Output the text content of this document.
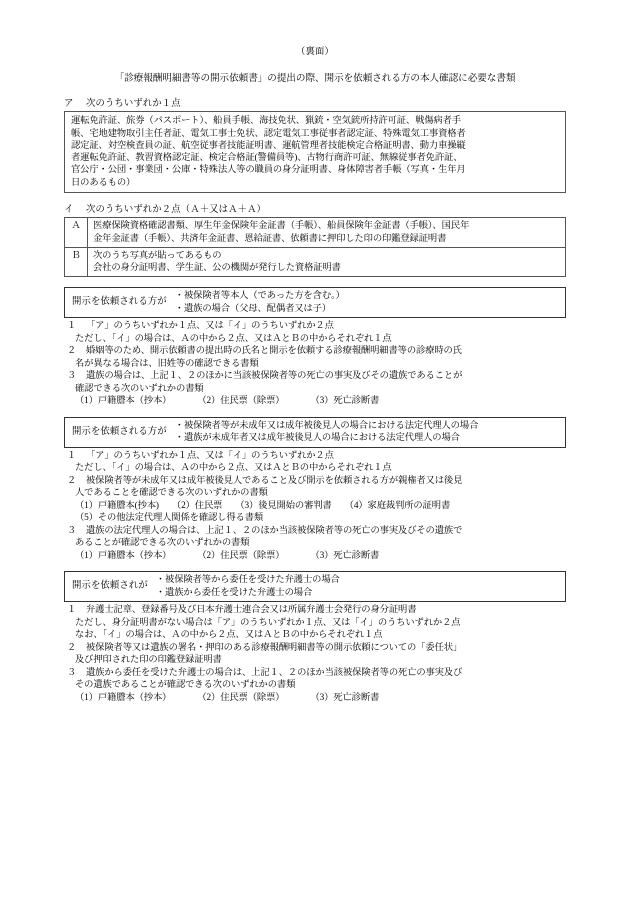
（裏面）
「診療報酬明細書等の開示依頼書」の提出の際、開示を依頼される方の本人確認に必要な書類
ア 次のうちいずれか１点

運転免許証、旅券（パスポート）、船員手帳、海技免状、猟銃・空気銃所持許可証、戦傷病者手

帳、宅地建物取引主任者証、電気工事士免状、認定電気工事従事者認定証、特殊電気工事資格者

認定証、対空検査員の証、航空従事者技能証明書、運航管理者技能検定合格証明書、動力車操縦

者運転免許証、教習資格認定証、検定合格証(警備員等)、古物行商許可証、無線従事者免許証、

官公庁・公団・事業団・公庫・特殊法人等の職員の身分証明書、身体障害者手帳（写真・生年月

日のあるもの）

イ 次のうちいずれか２点（Ａ＋又はＡ＋Ａ）
Ａ	医療保険資格確認書類、厚生年金保険年金証書（手帳）、船員保険年金証書（手帳）、国民年

金年金証書（手帳）、共済年金証書、恩給証書、依頼書に押印した印の印鑑登録証明書

Ｂ	次のうち写真が貼ってあるもの

会社の身分証明書、学生証、公の機関が発行した資格証明書

開示を依頼される方が

・ 被保険者等本人（であった方を含む。）

・ 遺族の場合（父母、配偶者又は子）

１ 「ア」のうちいずれか１点、又は「イ」のうちいずれか２点

ただし、「イ」の場合は、Ａの中から２点、又はＡとＢの中からそれぞれ１点

２ 婚姻等のため、開示依頼書の提出時の氏名と開示を依頼する診療報酬明細書等の診療時の氏

名が異なる場合は、旧姓等の確認できる書類

３ 遺族の場合は、上記１、２のほかに当該被保険者等の死亡の事実及びその遺族であることが

確認できる次のいずれかの書類

（1）戸籍謄本（抄本）	（2）住民票（除票）	（3）死亡診断書
開示を依頼される方が

・ 被保険者等が未成年又は成年被後見人の場合における法定代理人の場合

・ 遺族が未成年者又は成年被後見人の場合における法定代理人の場合

１ 「ア」のうちいずれか１点、又は「イ」のうちいずれか２点

ただし、「イ」の場合は、Ａの中から２点、又はＡとＢの中からそれぞれ１点

２ 被保険者等が未成年又は成年被後見人であること及び開示を依頼される方が親権者又は後見

人であることを確認できる次のいずれかの書類

（1）戸籍謄本(抄本) （2）住民票 （3）後見開始の審判書 （4）家庭裁判所の証明書
（5）その他法定代理人関係を確認し得る書類
３ 遺族の法定代理人の場合は、上記１、２のほか当該被保険者等の死亡の事実及びその遺族で

あることが確認できる次のいずれかの書類

（1）戸籍謄本（抄本）	（2）住民票（除票）	（3）死亡診断書
開示を依頼されが

・ 被保険者等から委任を受けた弁護士の場合

・ 遺族から委任を受けた弁護士の場合

１ 弁護士記章、登録番号及び日本弁護士連合会又は所属弁護士会発行の身分証明書

ただし、身分証明書がない場合は「ア」のうちいずれか１点、又は「イ」のうちいずれか２点

なお、「イ」の場合は、Ａの中から２点、又はＡとＢの中からそれぞれ１点

２ 被保険者等又は遺族の署名・押印のある診療報酬明細書等の開示依頼についての「委任状」

及び押印された印の印鑑登録証明書

３ 遺族から委任を受けた弁護士の場合は、上記１、２のほか当該被保険者等の死亡の事実及び

その遺族であることが確認できる次のいずれかの書類

（1）戸籍謄本（抄本）	（2）住民票（除票）	（3）死亡診断書
